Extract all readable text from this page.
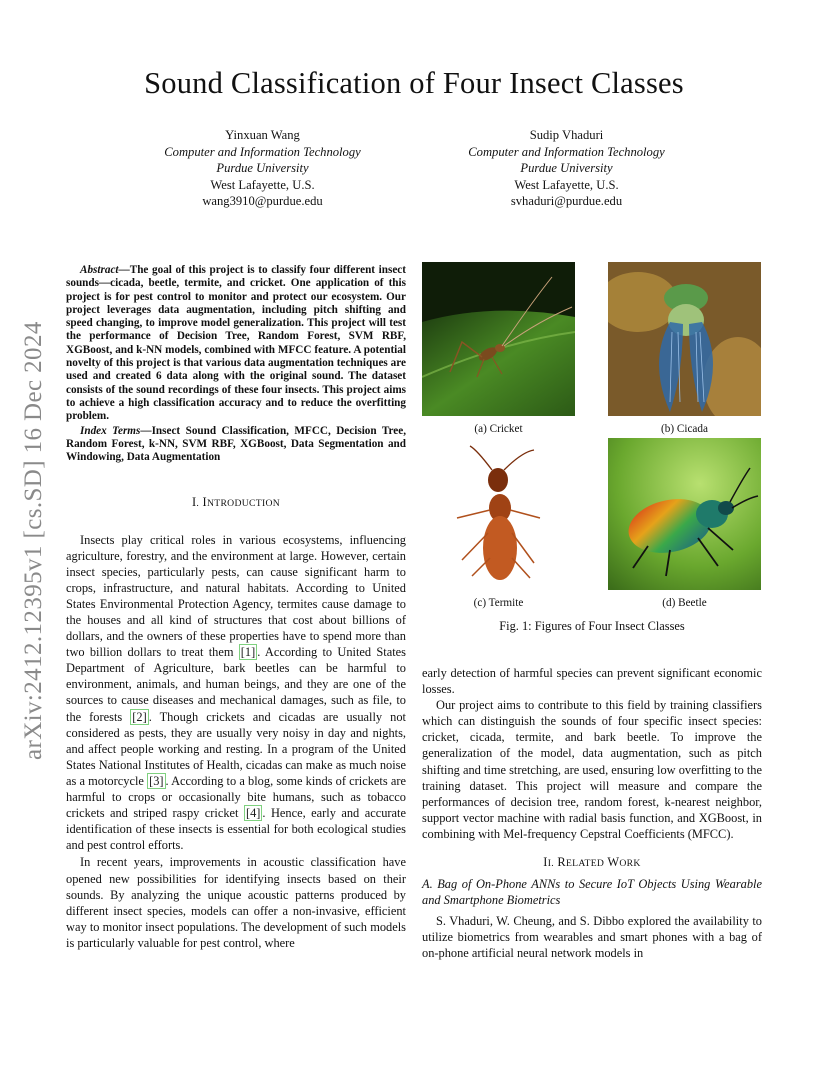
arXiv:2412.12395v1 [cs.SD] 16 Dec 2024
Sound Classification of Four Insect Classes
Yinxuan Wang
Computer and Information Technology
Purdue University
West Lafayette, U.S.
wang3910@purdue.edu
Sudip Vhaduri
Computer and Information Technology
Purdue University
West Lafayette, U.S.
svhaduri@purdue.edu

Abstract—The goal of this project is to classify four different insect sounds—cicada, beetle, termite, and cricket. One application of this project is for pest control to monitor and protect our ecosystem. Our project leverages data augmentation, including pitch shifting and speed changing, to improve model generalization. This project will test the performance of Decision Tree, Random Forest, SVM RBF, XGBoost, and k-NN models, combined with MFCC feature. A potential novelty of this project is that various data augmentation techniques are used and created 6 data along with the original sound. The dataset consists of the sound recordings of these four insects. This project aims to achieve a high classification accuracy and to reduce the overfitting problem.

Index Terms—Insect Sound Classification, MFCC, Decision Tree, Random Forest, k-NN, SVM RBF, XGBoost, Data Segmentation and Windowing, Data Augmentation

I. INTRODUCTION

Insects play critical roles in various ecosystems, influencing agriculture, forestry, and the environment at large. However, certain insect species, particularly pests, can cause significant harm to crops, infrastructure, and natural habitats. According to United States Environmental Protection Agency, termites cause damage to the houses and all kind of structures that cost about billions of dollars, and the owners of these properties have to spend more than two billion dollars to treat them [1] . According to United States Department of Agriculture, bark beetles can be harmful to environment, animals, and human beings, and they are one of the sources to cause diseases and mechanical damages, such as file, to the forests [2] . Though crickets and cicadas are usually not considered as pests, they are usually very noisy in day and nights, and affect people working and resting. In a program of the United States National Institutes of Health, cicadas can make as much noise as a motorcycle [3] . According to a blog, some kinds of crickets are harmful to crops or occasionally bite humans, such as tobacco crickets and striped raspy cricket [4] . Hence, early and accurate identification of these insects is essential for both ecological studies and pest control efforts.

In recent years, improvements in acoustic classification have opened new possibilities for identifying insects based on their sounds. By analyzing the unique acoustic patterns produced by different insect species, models can offer a non-invasive, efficient way to monitor insect populations. The development of such models is particularly valuable for pest control, where

(a) Cricket	(b) Cicada
(c) Termite	(d) Beetle
Fig. 1: Figures of Four Insect Classes

early detection of harmful species can prevent significant economic losses.

Our project aims to contribute to this field by training classifiers which can distinguish the sounds of four specific insect species: cricket, cicada, termite, and bark beetle. To improve the generalization of the model, data augmentation, such as pitch shifting and time stretching, are used, ensuring low overfitting to the training dataset. This project will measure and compare the performances of decision tree, random forest, k-nearest neighbor, support vector machine with radial basis function, and XGBoost, in combining with Mel-frequency Cepstral Coefficients (MFCC).

II. RELATED WORK
A. Bag of On-Phone ANNs to Secure IoT Objects Using Wearable and Smartphone Biometrics

S. Vhaduri, W. Cheung, and S. Dibbo explored the availability to utilize biometrics from wearables and smart phones with a bag of on-phone artificial neural network models in
